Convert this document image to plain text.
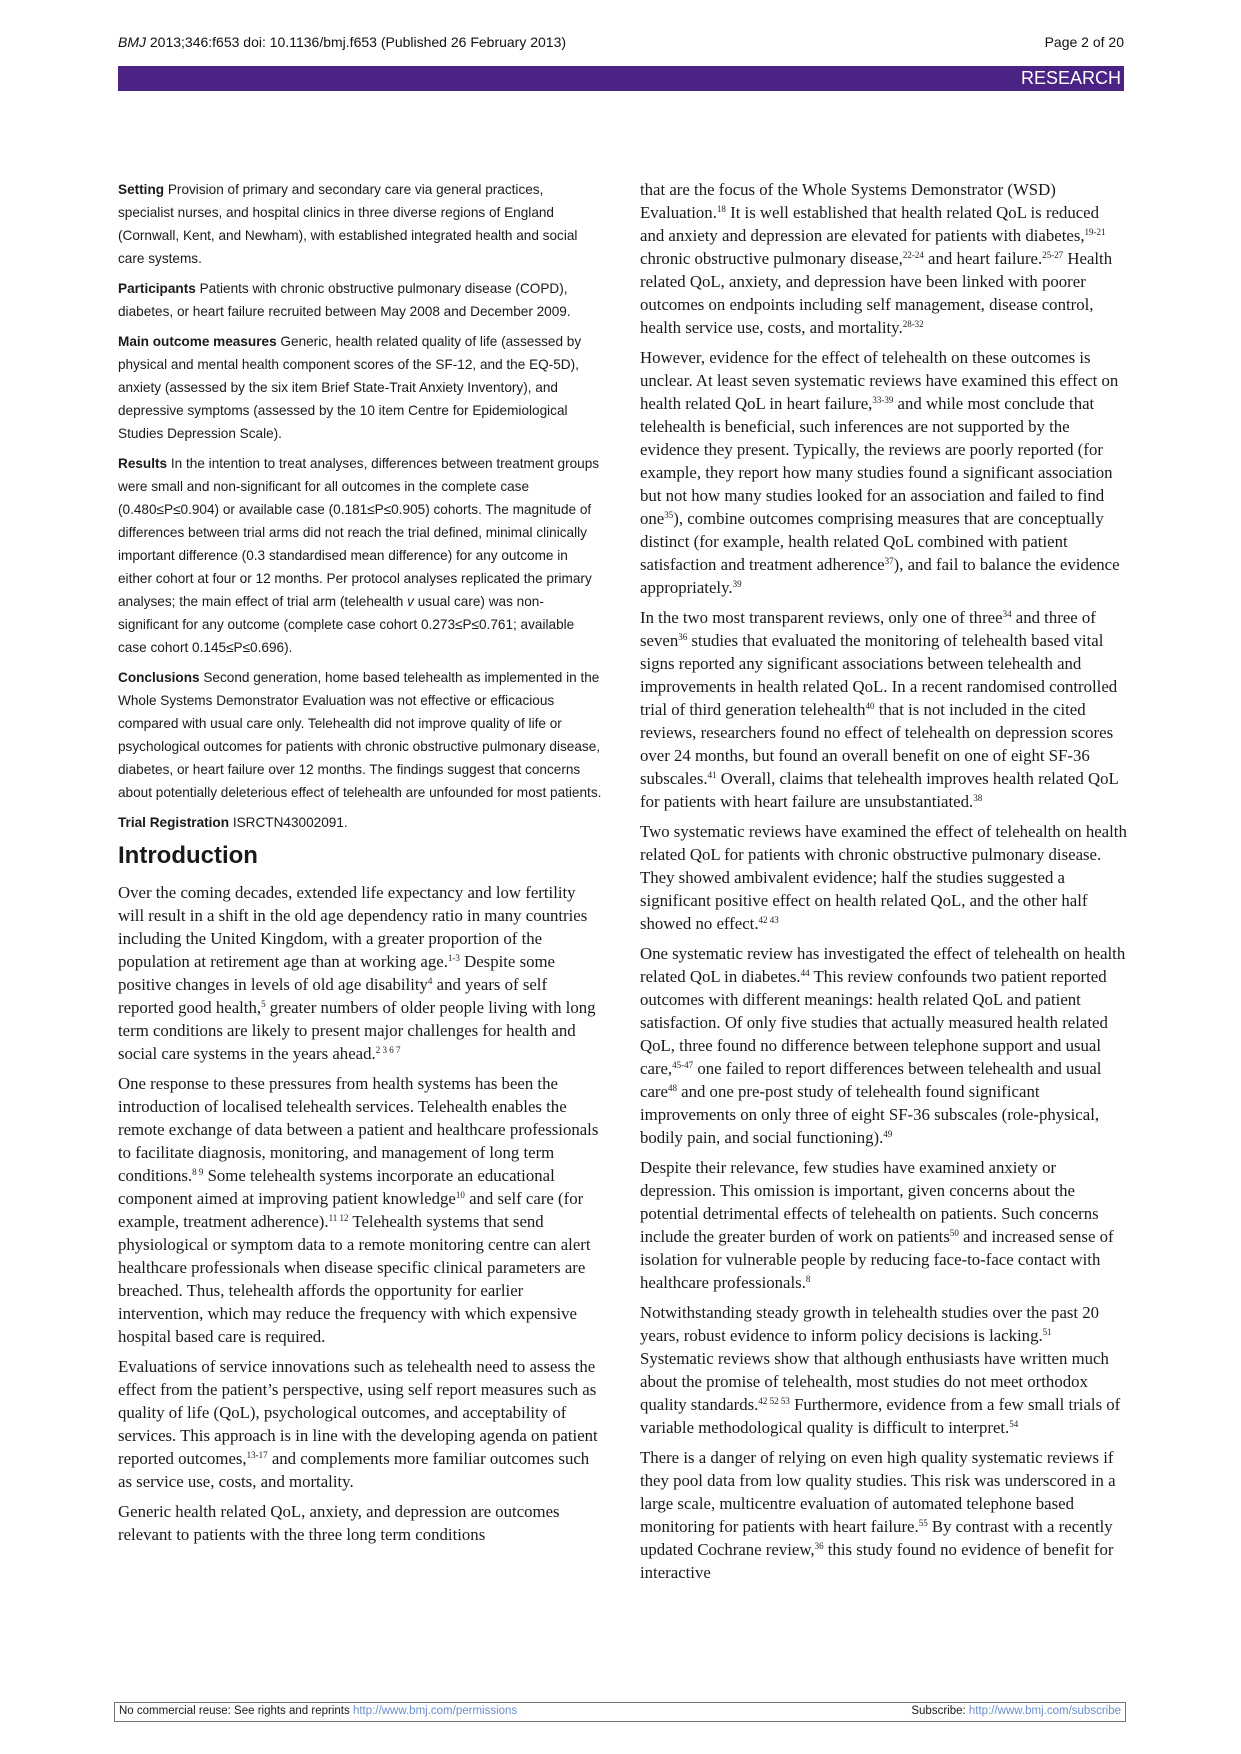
BMJ 2013;346:f653 doi: 10.1136/bmj.f653 (Published 26 February 2013)	Page 2 of 20
RESEARCH

Setting Provision of primary and secondary care via general practices, specialist nurses, and hospital clinics in three diverse regions of England (Cornwall, Kent, and Newham), with established integrated health and social care systems.

Participants Patients with chronic obstructive pulmonary disease (COPD), diabetes, or heart failure recruited between May 2008 and December 2009.

Main outcome measures Generic, health related quality of life (assessed by physical and mental health component scores of the SF-12, and the EQ-5D), anxiety (assessed by the six item Brief State-Trait Anxiety Inventory), and depressive symptoms (assessed by the 10 item Centre for Epidemiological Studies Depression Scale).

Results In the intention to treat analyses, differences between treatment groups were small and non-significant for all outcomes in the complete case (0.480≤P≤0.904) or available case (0.181≤P≤0.905) cohorts. The magnitude of differences between trial arms did not reach the trial defined, minimal clinically important difference (0.3 standardised mean difference) for any outcome in either cohort at four or 12 months. Per protocol analyses replicated the primary analyses; the main effect of trial arm (telehealth v usual care) was non-significant for any outcome (complete case cohort 0.273≤P≤0.761; available case cohort 0.145≤P≤0.696).

Conclusions Second generation, home based telehealth as implemented in the Whole Systems Demonstrator Evaluation was not effective or efficacious compared with usual care only. Telehealth did not improve quality of life or psychological outcomes for patients with chronic obstructive pulmonary disease, diabetes, or heart failure over 12 months. The findings suggest that concerns about potentially deleterious effect of telehealth are unfounded for most patients.

Trial Registration ISRCTN43002091.

Introduction

Over the coming decades, extended life expectancy and low fertility will result in a shift in the old age dependency ratio in many countries including the United Kingdom, with a greater proportion of the population at retirement age than at working age.$^{1-3}$ Despite some positive changes in levels of old age disability$^4$ and years of self reported good health,$^5$ greater numbers of older people living with long term conditions are likely to present major challenges for health and social care systems in the years ahead.$^{2 3 6 7}$

One response to these pressures from health systems has been the introduction of localised telehealth services. Telehealth enables the remote exchange of data between a patient and healthcare professionals to facilitate diagnosis, monitoring, and management of long term conditions.$^{8 9}$ Some telehealth systems incorporate an educational component aimed at improving patient knowledge$^{10}$ and self care (for example, treatment adherence).$^{11 12}$ Telehealth systems that send physiological or symptom data to a remote monitoring centre can alert healthcare professionals when disease specific clinical parameters are breached. Thus, telehealth affords the opportunity for earlier intervention, which may reduce the frequency with which expensive hospital based care is required.

Evaluations of service innovations such as telehealth need to assess the effect from the patient’s perspective, using self report measures such as quality of life (QoL), psychological outcomes, and acceptability of services. This approach is in line with the developing agenda on patient reported outcomes,$^{13-17}$ and complements more familiar outcomes such as service use, costs, and mortality.

Generic health related QoL, anxiety, and depression are outcomes relevant to patients with the three long term conditions

that are the focus of the Whole Systems Demonstrator (WSD) Evaluation.$^{18}$ It is well established that health related QoL is reduced and anxiety and depression are elevated for patients with diabetes,$^{19-21}$ chronic obstructive pulmonary disease,$^{22-24}$ and heart failure.$^{25-27}$ Health related QoL, anxiety, and depression have been linked with poorer outcomes on endpoints including self management, disease control, health service use, costs, and mortality.$^{28-32}$

However, evidence for the effect of telehealth on these outcomes is unclear. At least seven systematic reviews have examined this effect on health related QoL in heart failure,$^{33-39}$ and while most conclude that telehealth is beneficial, such inferences are not supported by the evidence they present. Typically, the reviews are poorly reported (for example, they report how many studies found a significant association but not how many studies looked for an association and failed to find one$^{35}$), combine outcomes comprising measures that are conceptually distinct (for example, health related QoL combined with patient satisfaction and treatment adherence$^{37}$), and fail to balance the evidence appropriately.$^{39}$

In the two most transparent reviews, only one of three$^{34}$ and three of seven$^{36}$ studies that evaluated the monitoring of telehealth based vital signs reported any significant associations between telehealth and improvements in health related QoL. In a recent randomised controlled trial of third generation telehealth$^{40}$ that is not included in the cited reviews, researchers found no effect of telehealth on depression scores over 24 months, but found an overall benefit on one of eight SF-36 subscales.$^{41}$ Overall, claims that telehealth improves health related QoL for patients with heart failure are unsubstantiated.$^{38}$

Two systematic reviews have examined the effect of telehealth on health related QoL for patients with chronic obstructive pulmonary disease. They showed ambivalent evidence; half the studies suggested a significant positive effect on health related QoL, and the other half showed no effect.$^{42 43}$

One systematic review has investigated the effect of telehealth on health related QoL in diabetes.$^{44}$ This review confounds two patient reported outcomes with different meanings: health related QoL and patient satisfaction. Of only five studies that actually measured health related QoL, three found no difference between telephone support and usual care,$^{45-47}$ one failed to report differences between telehealth and usual care$^{48}$ and one pre-post study of telehealth found significant improvements on only three of eight SF-36 subscales (role-physical, bodily pain, and social functioning).$^{49}$

Despite their relevance, few studies have examined anxiety or depression. This omission is important, given concerns about the potential detrimental effects of telehealth on patients. Such concerns include the greater burden of work on patients$^{50}$ and increased sense of isolation for vulnerable people by reducing face-to-face contact with healthcare professionals.$^8$

Notwithstanding steady growth in telehealth studies over the past 20 years, robust evidence to inform policy decisions is lacking.$^{51}$ Systematic reviews show that although enthusiasts have written much about the promise of telehealth, most studies do not meet orthodox quality standards.$^{42 52 53}$ Furthermore, evidence from a few small trials of variable methodological quality is difficult to interpret.$^{54}$

There is a danger of relying on even high quality systematic reviews if they pool data from low quality studies. This risk was underscored in a large scale, multicentre evaluation of automated telephone based monitoring for patients with heart failure.$^{55}$ By contrast with a recently updated Cochrane review,$^{36}$ this study found no evidence of benefit for interactive

No commercial reuse: See rights and reprints http://www.bmj.com/permissions	Subscribe: http://www.bmj.com/subscribe
